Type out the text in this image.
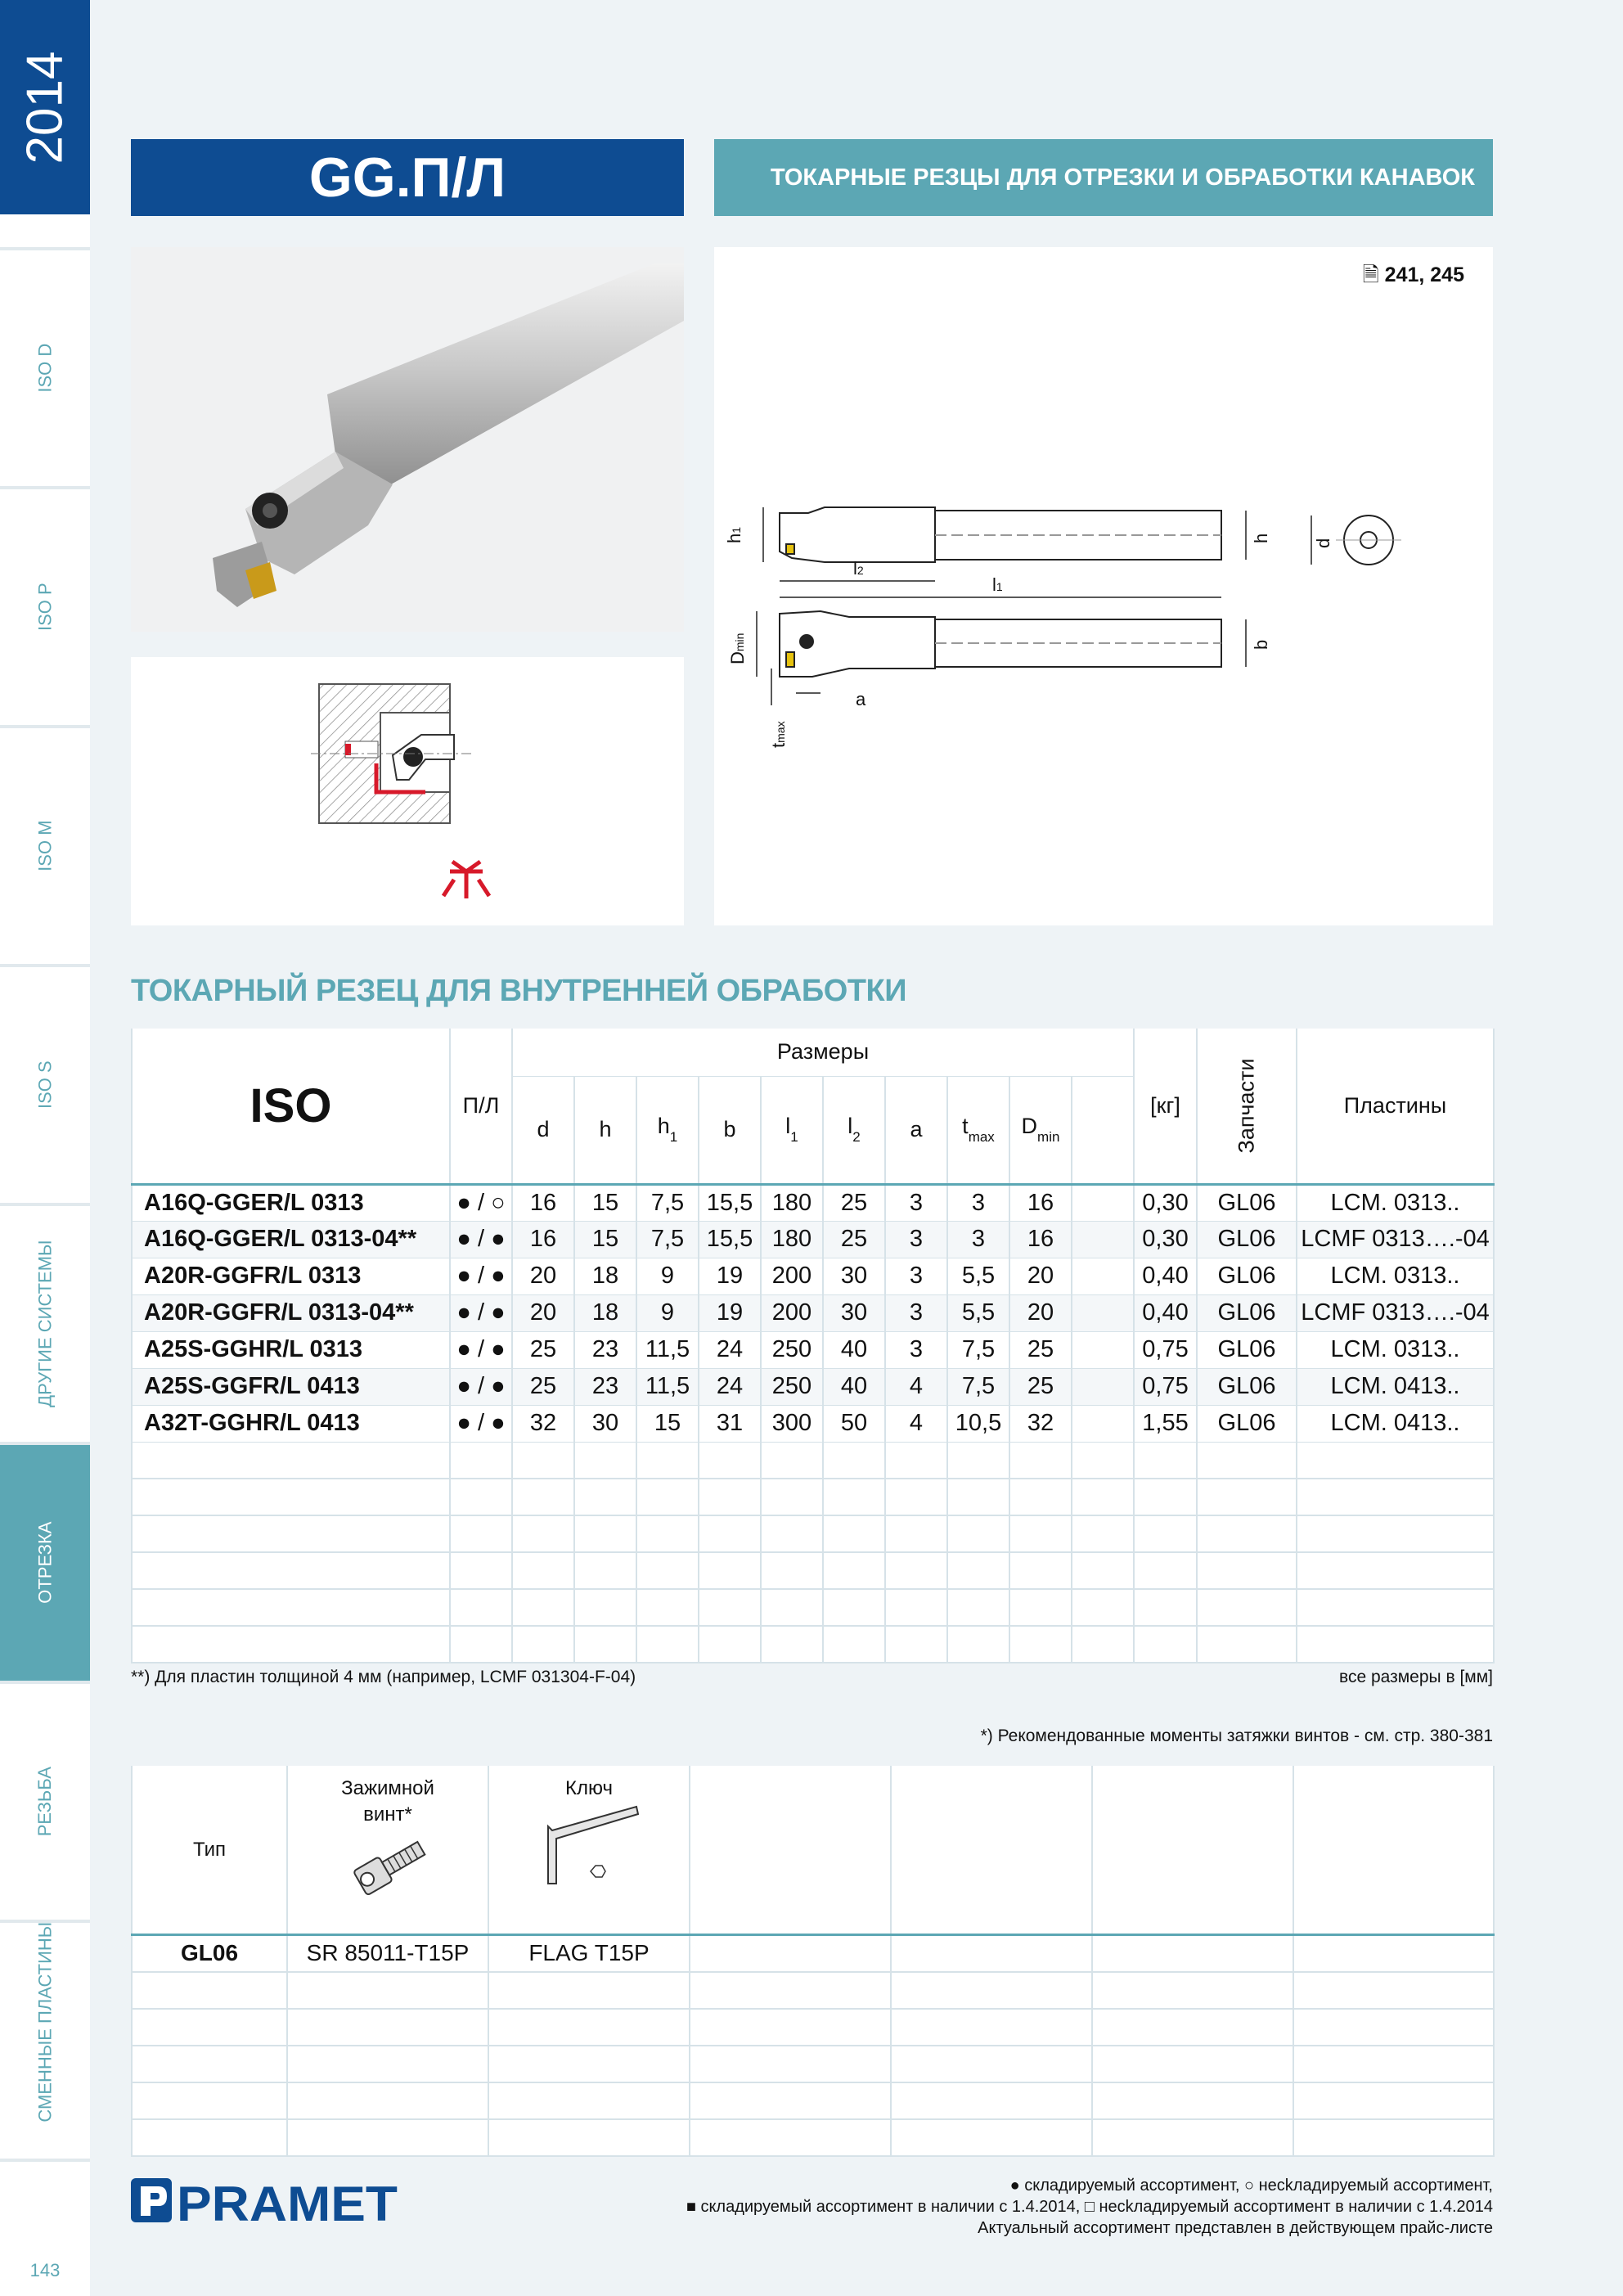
GG.П/Л	ТОКАРНЫЕ РЕЗЦЫ ДЛЯ ОТРЕЗКИ И ОБРАБОТКИ КАНАВОК
🗎 241, 245
h1
l1
l2
h d
Dmin	b
a
tmax
2014
ISO D
ISO P
ISO M
ISO S
ДРУГИЕ СИСТЕМЫ
ОТРЕЗКА
РЕЗЬБА
СМЕННЫЕ ПЛАСТИНЫ
143
ТОКАРНЫЙ РЕЗЕЦ ДЛЯ ВНУТРЕННЕЙ ОБРАБОТКИ
ISO	П/Л	Размеры										[кг]	Запчасти	Пластины
		d	h	$h_1$	b	$l_1$	$l_2$	a	$t_{max}$	$D_{min}$	
A16Q-GGER/L 0313	● / ○	16	15	7,5	15,5	180	25	3	3	16		0,30	GL06	LCM. 0313..
A16Q-GGER/L 0313-04**	● / ●	16	15	7,5	15,5	180	25	3	3	16		0,30	GL06	LCMF 0313….-04
A20R-GGFR/L 0313	● / ●	20	18	9	19	200	30	3	5,5	20		0,40	GL06	LCM. 0313..
A20R-GGFR/L 0313-04**	● / ●	20	18	9	19	200	30	3	5,5	20		0,40	GL06	LCMF 0313….-04
A25S-GGHR/L 0313	● / ●	25	23	11,5	24	250	40	3	7,5	25		0,75	GL06	LCM. 0313..
A25S-GGFR/L 0413	● / ●	25	23	11,5	24	250	40	4	7,5	25		0,75	GL06	LCM. 0413..
A32T-GGHR/L 0413	● / ●	32	30	15	31	300	50	4	10,5	32		1,55	GL06	LCM. 0413..

**) Для пластин толщиной 4 мм (например, LCMF 031304-F-04)	все размеры в [мм]
*) Рекомендованные моменты затяжки винтов - см. стр. 380-381
Тип	Зажимной винт*	Ключ				

GL06	SR 85011-T15P	FLAG T15P				

PRAMET	● складируемый ассортимент, ○ несkладируемый ассортимент,
■ складируемый ассортимент в наличии с 1.4.2014, □ несkладируемый ассортимент в наличии с 1.4.2014
Актуальный ассортимент представлен в действующем прайс-листе
